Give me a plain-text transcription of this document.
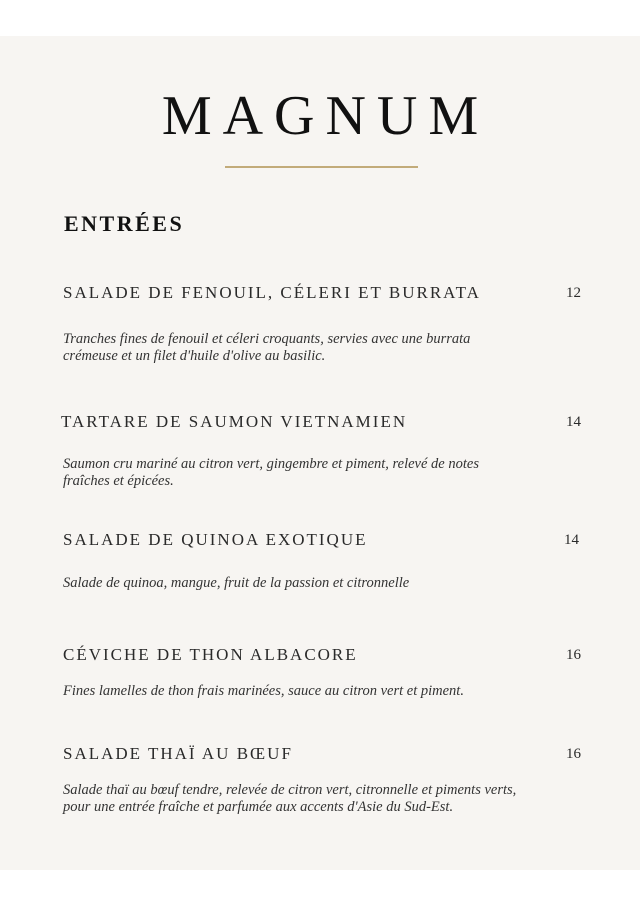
MAGNUM
ENTRÉES
SALADE DE FENOUIL, CÉLERI ET BURRATA	12
Tranches fines de fenouil et céleri croquants, servies avec une burrata crémeuse et un filet d'huile d'olive au basilic.
TARTARE DE SAUMON VIETNAMIEN	14
Saumon cru mariné au citron vert, gingembre et piment, relevé de notes fraîches et épicées.
SALADE DE QUINOA EXOTIQUE	14
Salade de quinoa, mangue, fruit de la passion et citronnelle
CÉVICHE DE THON ALBACORE	16
Fines lamelles de thon frais marinées, sauce au citron vert et piment.
SALADE THAÏ AU BŒUF	16
Salade thaï au bœuf tendre, relevée de citron vert, citronnelle et piments verts, pour une entrée fraîche et parfumée aux accents d'Asie du Sud-Est.
